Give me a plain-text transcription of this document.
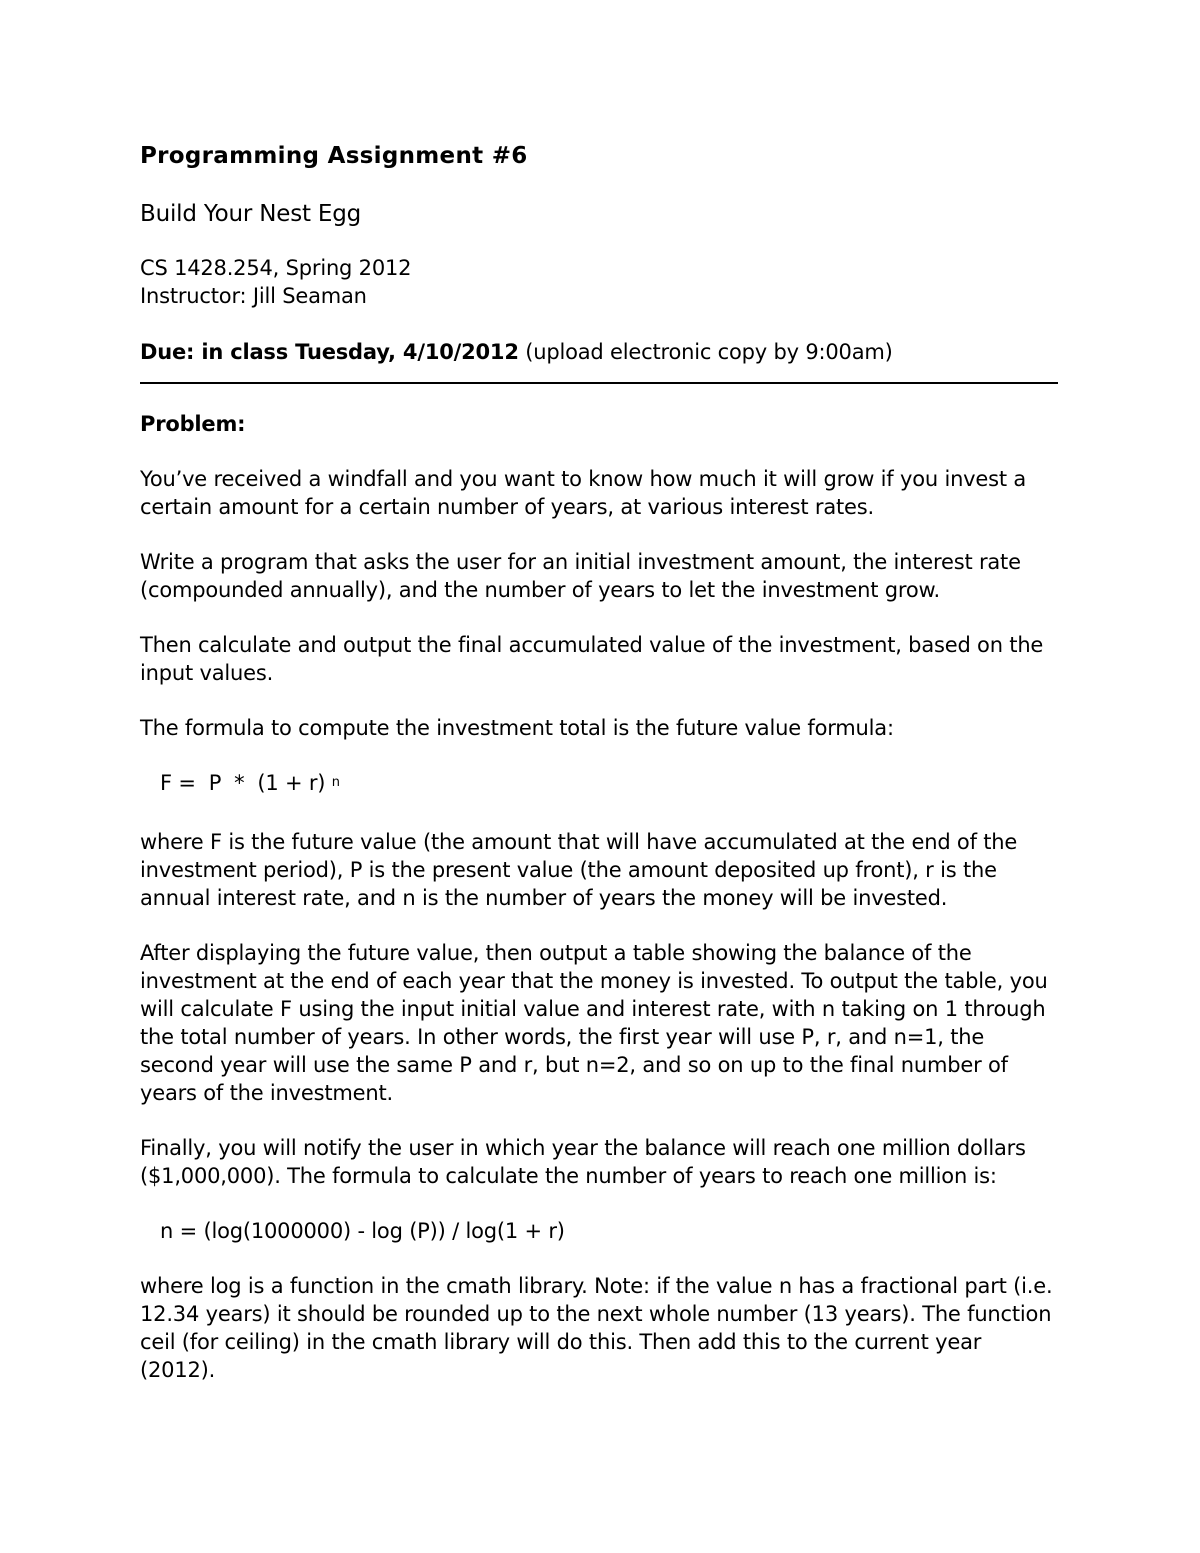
Programming Assignment #6
Build Your Nest Egg
CS 1428.254, Spring 2012
Instructor: Jill Seaman
Due: in class Tuesday, 4/10/2012 (upload electronic copy by 9:00am)
Problem:

You’ve received a windfall and you want to know how much it will grow if you invest a certain amount for a certain number of years, at various interest rates.

Write a program that asks the user for an initial investment amount, the interest rate (compounded annually), and the number of years to let the investment grow.

Then calculate and output the final accumulated value of the investment, based on the input values.

The formula to compute the investment total is the future value formula:

F =  P  *  (1 + r) $^n$

where F is the future value (the amount that will have accumulated at the end of the investment period), P is the present value (the amount deposited up front), r is the annual interest rate, and n is the number of years the money will be invested.

After displaying the future value, then output a table showing the balance of the investment at the end of each year that the money is invested. To output the table, you will calculate F using the input initial value and interest rate, with n taking on 1 through the total number of years. In other words, the first year will use P, r, and n=1, the second year will use the same P and r, but n=2, and so on up to the final number of years of the investment.

Finally, you will notify the user in which year the balance will reach one million dollars ($1,000,000). The formula to calculate the number of years to reach one million is:

n = (log(1000000) - log (P)) / log(1 + r)

where log is a function in the cmath library. Note: if the value n has a fractional part (i.e. 12.34 years) it should be rounded up to the next whole number (13 years). The function ceil (for ceiling) in the cmath library will do this. Then add this to the current year (2012).
